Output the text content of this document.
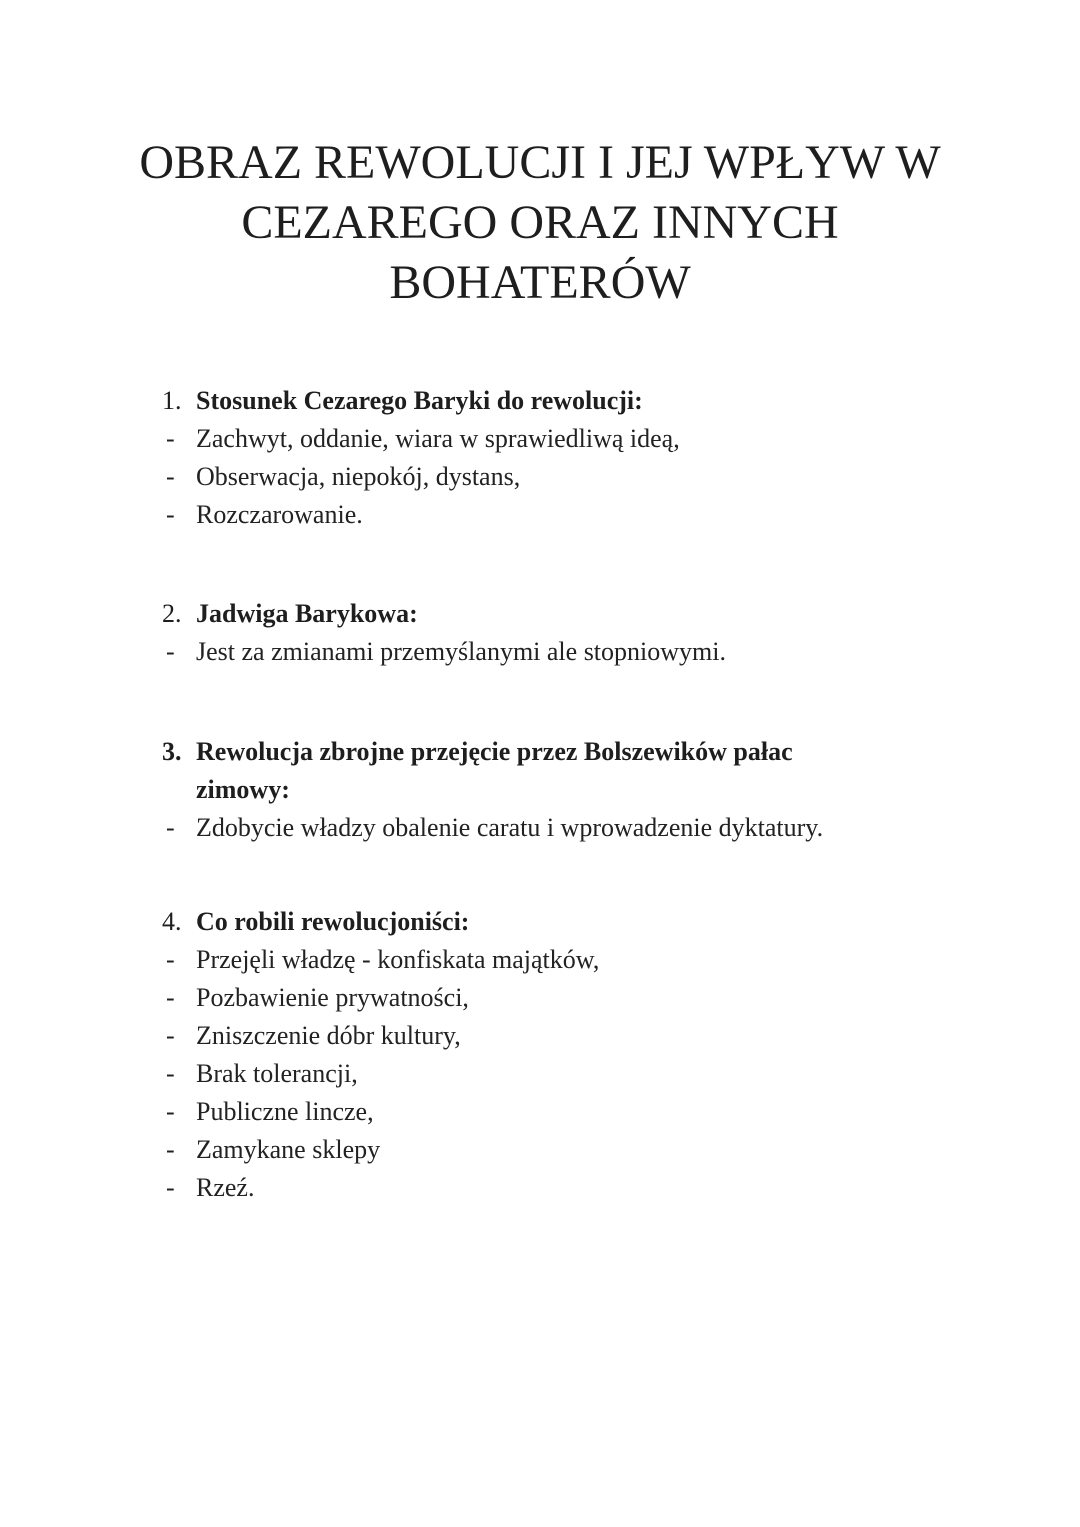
OBRAZ REWOLUCJI I JEJ WPŁYW W
CEZAREGO ORAZ INNYCH
BOHATERÓW

1. Stosunek Cezarego Baryki do rewolucji:

- Zachwyt, oddanie, wiara w sprawiedliwą ideą,
- Obserwacja, niepokój, dystans,
- Rozczarowanie.

2. Jadwiga Barykowa:

- Jest za zmianami przemyślanymi ale stopniowymi.

3. Rewolucja zbrojne przejęcie przez Bolszewików pałac
zimowy:

- Zdobycie władzy obalenie caratu i wprowadzenie dyktatury.

4. Co robili rewolucjoniści:

- Przejęli władzę - konfiskata majątków,
- Pozbawienie prywatności,
- Zniszczenie dóbr kultury,
- Brak tolerancji,
- Publiczne lincze,
- Zamykane sklepy
- Rzeź.
